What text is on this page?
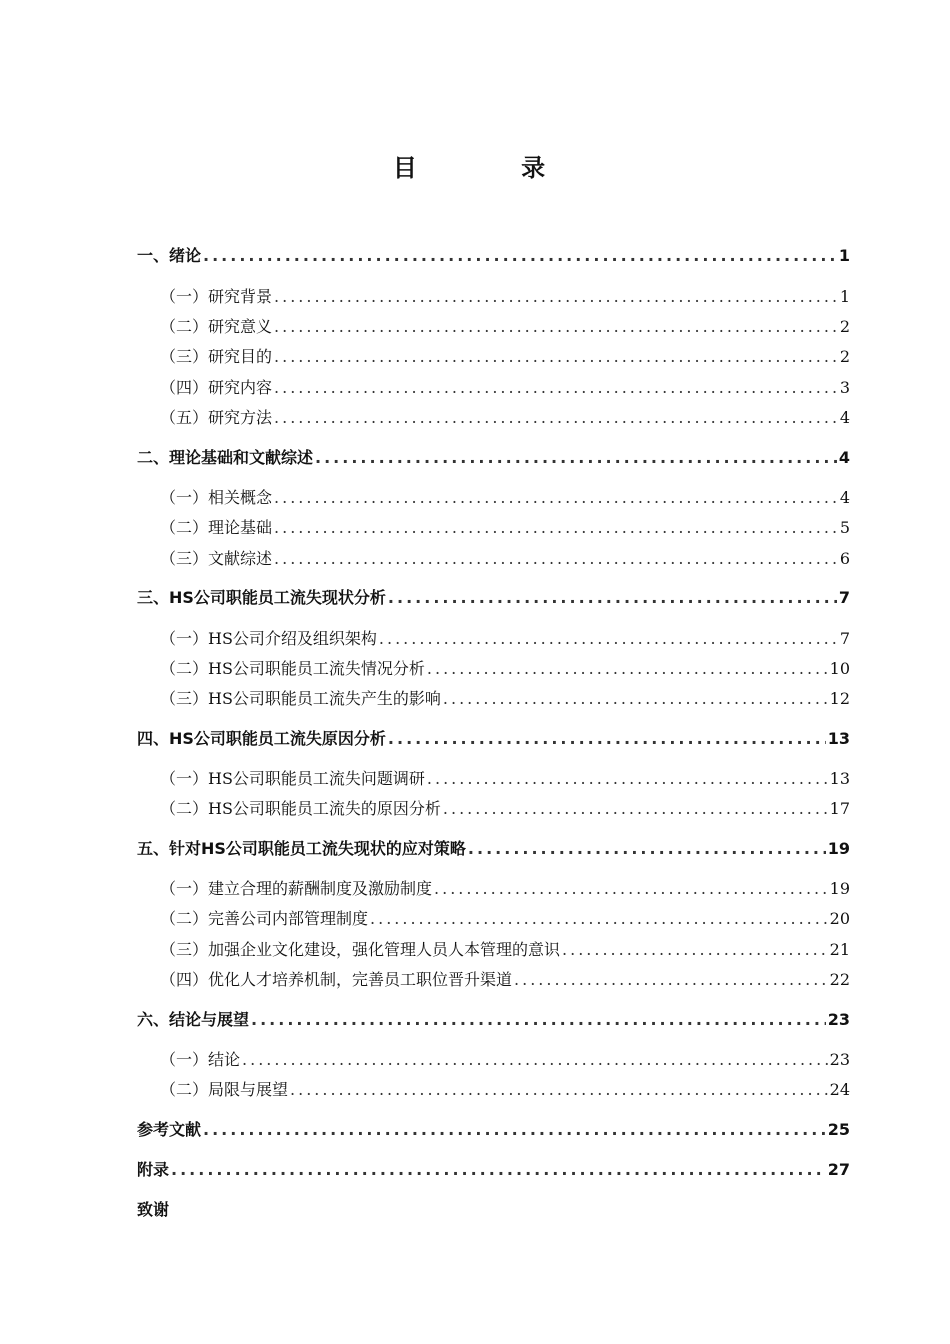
目 录
一、绪论 .....	1
（一）研究背景 .....	1
（二）研究意义 .....	2
（三）研究目的 .....	2
（四）研究内容 .....	3
（五）研究方法 .....	4
二、理论基础和文献综述 .....	4
（一）相关概念 .....	4
（二）理论基础 .....	5
（三）文献综述 .....	6
三、HS公司职能员工流失现状分析 .....	7
（一）HS公司介绍及组织架构 .....	7
（二）HS公司职能员工流失情况分析 .....	10
（三）HS公司职能员工流失产生的影响 .....	12
四、HS公司职能员工流失原因分析 .....	13
（一）HS公司职能员工流失问题调研 .....	13
（二）HS公司职能员工流失的原因分析 .....	17
五、针对HS公司职能员工流失现状的应对策略 .....	19
（一）建立合理的薪酬制度及激励制度 .....	19
（二）完善公司内部管理制度 .....	20
（三）加强企业文化建设，强化管理人员人本管理的意识 .....	21
（四）优化人才培养机制，完善员工职位晋升渠道 .....	22
六、结论与展望 .....	23
（一）结论 .....	23
（二）局限与展望 .....	24
参考文献 .....	25
附录 .....	27
致谢
